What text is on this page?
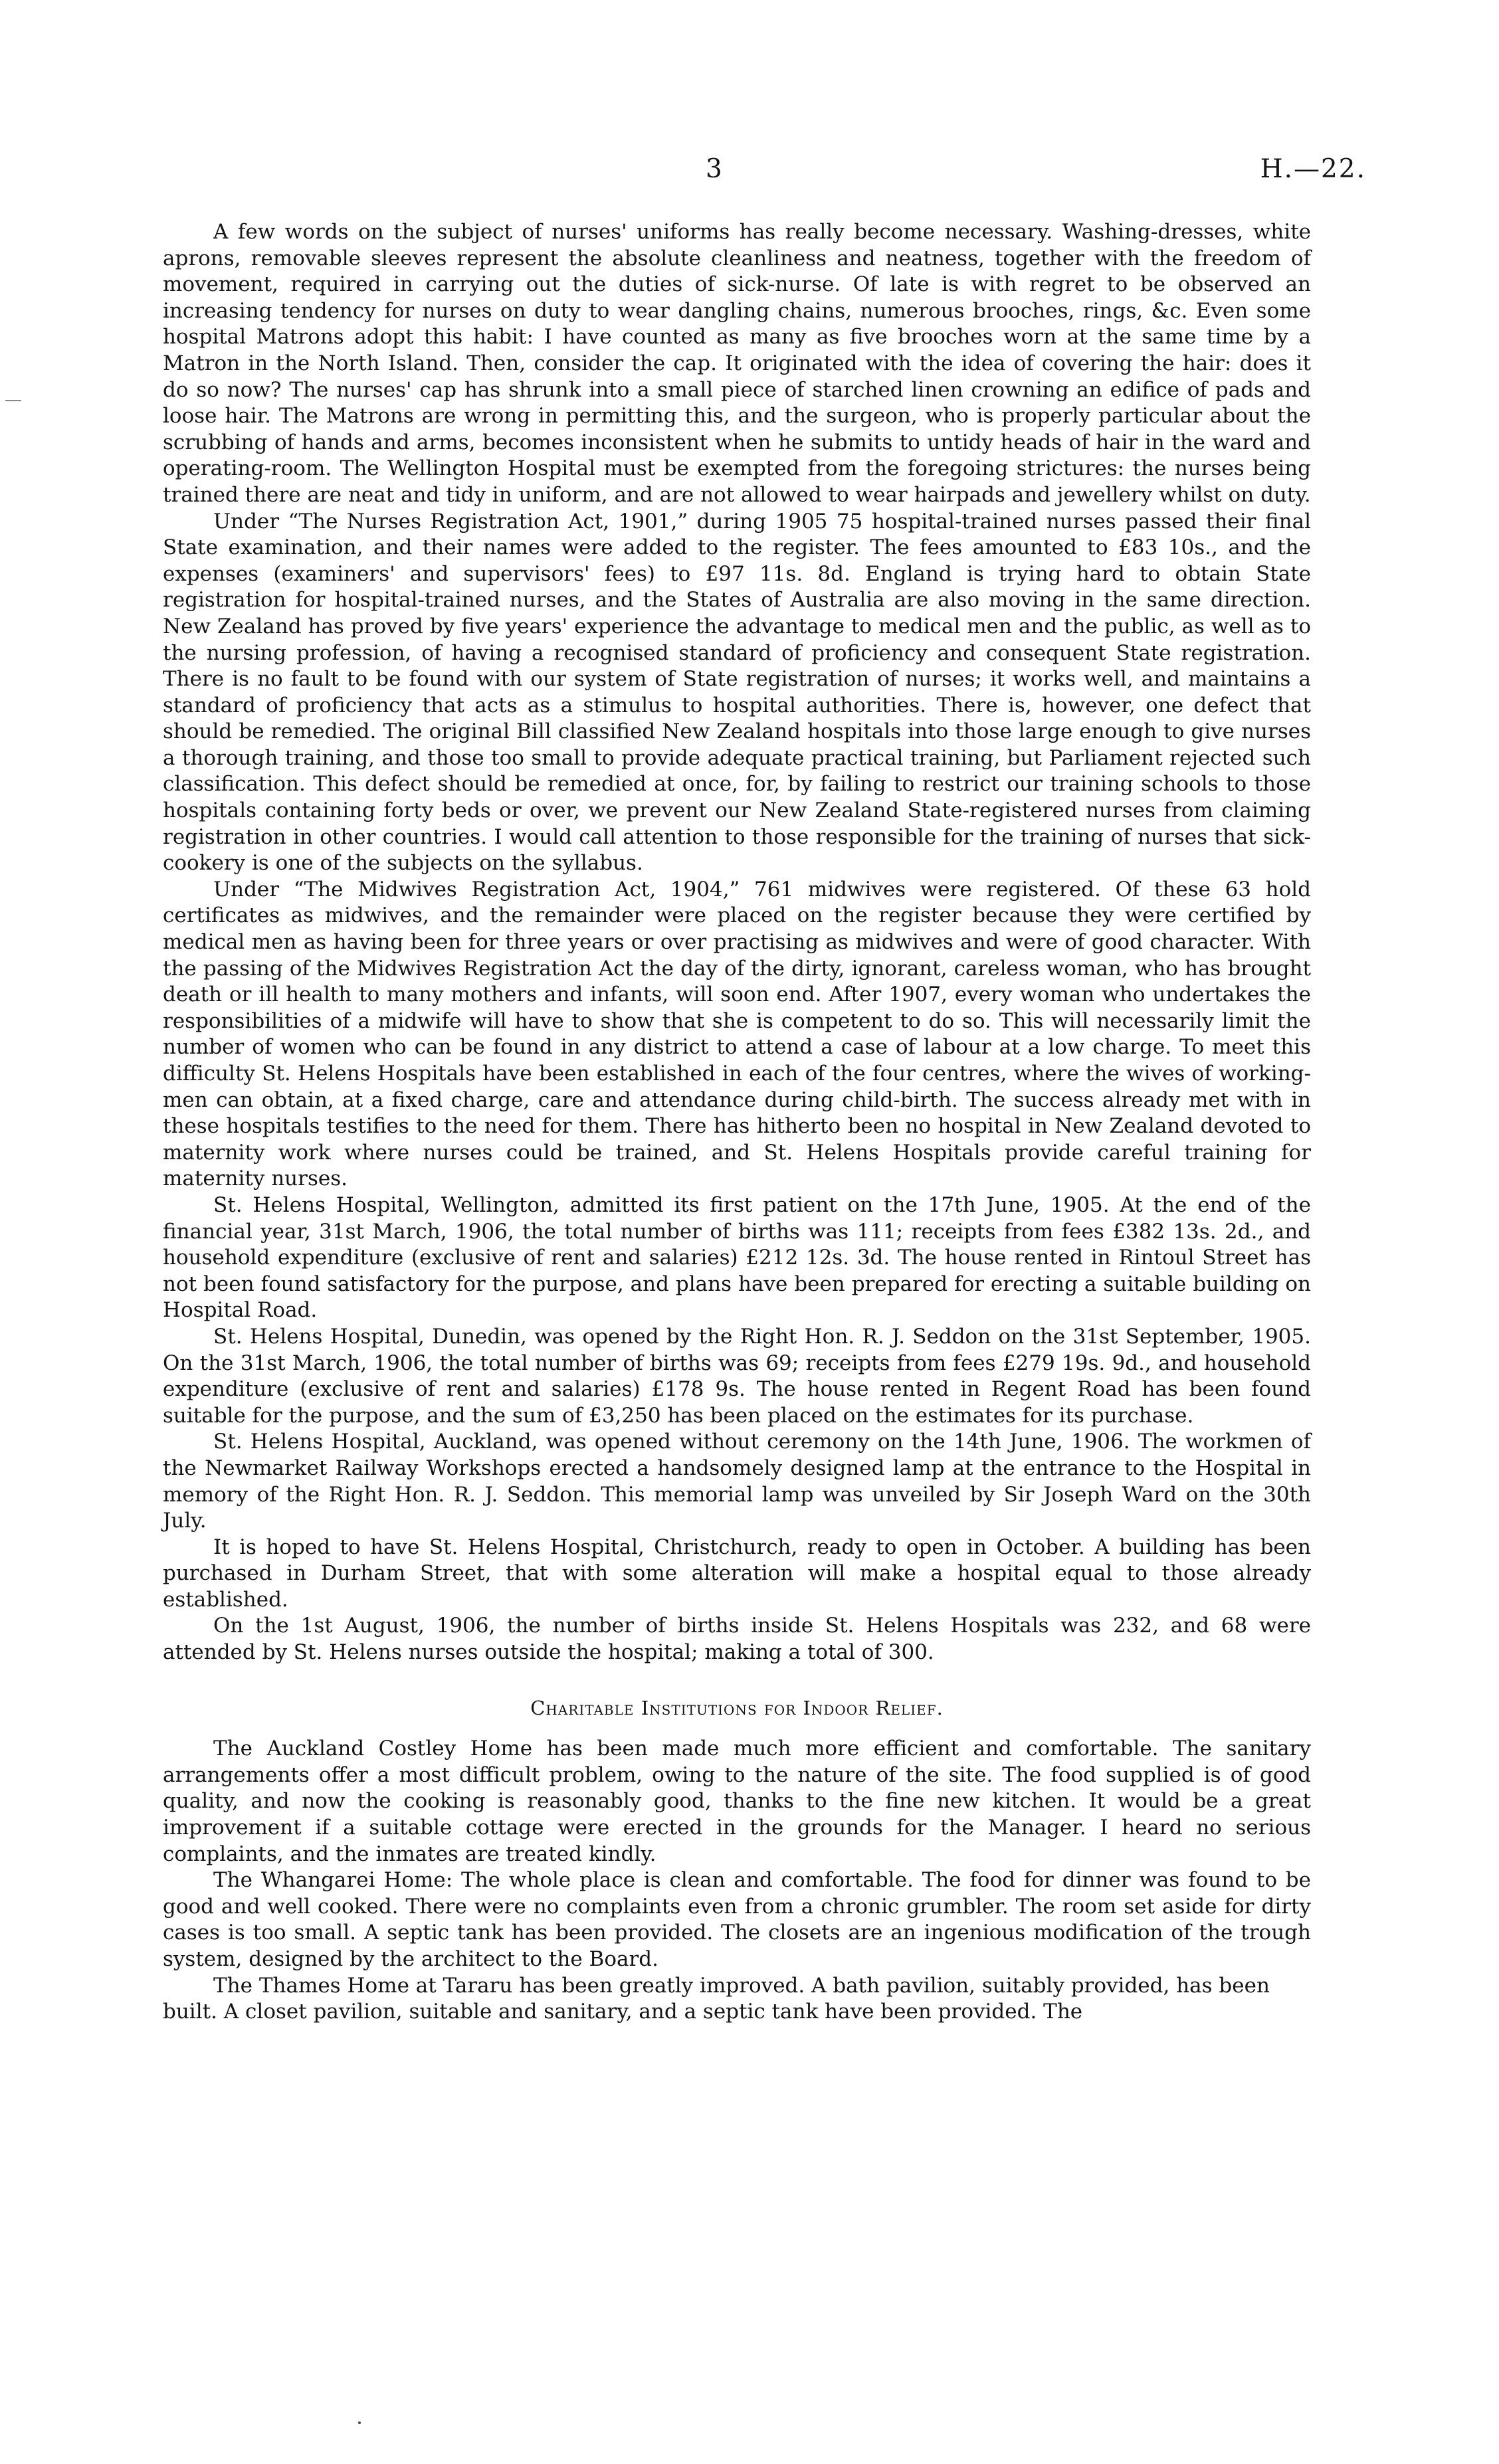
3	H.—22.

A few words on the subject of nurses' uniforms has really become necessary. Washing-dresses, white aprons, removable sleeves represent the absolute cleanliness and neatness, together with the freedom of movement, required in carrying out the duties of sick-nurse. Of late is with regret to be observed an increasing tendency for nurses on duty to wear dangling chains, numerous brooches, rings, &c. Even some hospital Matrons adopt this habit: I have counted as many as five brooches worn at the same time by a Matron in the North Island. Then, consider the cap. It originated with the idea of covering the hair: does it do so now? The nurses' cap has shrunk into a small piece of starched linen crowning an edifice of pads and loose hair. The Matrons are wrong in permitting this, and the surgeon, who is properly particular about the scrubbing of hands and arms, becomes inconsistent when he submits to untidy heads of hair in the ward and operating-room. The Wellington Hospital must be exempted from the foregoing strictures: the nurses being trained there are neat and tidy in uniform, and are not allowed to wear hairpads and jewellery whilst on duty.

Under “The Nurses Registration Act, 1901,” during 1905 75 hospital-trained nurses passed their final State examination, and their names were added to the register. The fees amounted to £83 10s., and the expenses (examiners' and supervisors' fees) to £97 11s. 8d. England is trying hard to obtain State registration for hospital-trained nurses, and the States of Australia are also moving in the same direction. New Zealand has proved by five years' experience the advantage to medical men and the public, as well as to the nursing profession, of having a recognised standard of proficiency and consequent State registration. There is no fault to be found with our system of State registration of nurses; it works well, and maintains a standard of proficiency that acts as a stimulus to hospital authorities. There is, however, one defect that should be remedied. The original Bill classified New Zealand hospitals into those large enough to give nurses a thorough training, and those too small to provide adequate practical training, but Parliament rejected such classification. This defect should be remedied at once, for, by failing to restrict our training schools to those hospitals containing forty beds or over, we prevent our New Zealand State-registered nurses from claiming registration in other countries. I would call attention to those responsible for the training of nurses that sick-cookery is one of the subjects on the syllabus.

Under “The Midwives Registration Act, 1904,” 761 midwives were registered. Of these 63 hold certificates as midwives, and the remainder were placed on the register because they were certified by medical men as having been for three years or over practising as midwives and were of good character. With the passing of the Midwives Registration Act the day of the dirty, ignorant, careless woman, who has brought death or ill health to many mothers and infants, will soon end. After 1907, every woman who undertakes the responsibilities of a midwife will have to show that she is competent to do so. This will necessarily limit the number of women who can be found in any district to attend a case of labour at a low charge. To meet this difficulty St. Helens Hospitals have been established in each of the four centres, where the wives of working-men can obtain, at a fixed charge, care and attendance during child-birth. The success already met with in these hospitals testifies to the need for them. There has hitherto been no hospital in New Zealand devoted to maternity work where nurses could be trained, and St. Helens Hospitals provide careful training for maternity nurses.

St. Helens Hospital, Wellington, admitted its first patient on the 17th June, 1905. At the end of the financial year, 31st March, 1906, the total number of births was 111; receipts from fees £382 13s. 2d., and household expenditure (exclusive of rent and salaries) £212 12s. 3d. The house rented in Rintoul Street has not been found satisfactory for the purpose, and plans have been prepared for erecting a suitable building on Hospital Road.

St. Helens Hospital, Dunedin, was opened by the Right Hon. R. J. Seddon on the 31st September, 1905. On the 31st March, 1906, the total number of births was 69; receipts from fees £279 19s. 9d., and household expenditure (exclusive of rent and salaries) £178 9s. The house rented in Regent Road has been found suitable for the purpose, and the sum of £3,250 has been placed on the estimates for its purchase.

St. Helens Hospital, Auckland, was opened without ceremony on the 14th June, 1906. The workmen of the Newmarket Railway Workshops erected a handsomely designed lamp at the entrance to the Hospital in memory of the Right Hon. R. J. Seddon. This memorial lamp was unveiled by Sir Joseph Ward on the 30th July.

It is hoped to have St. Helens Hospital, Christchurch, ready to open in October. A building has been purchased in Durham Street, that with some alteration will make a hospital equal to those already established.

On the 1st August, 1906, the number of births inside St. Helens Hospitals was 232, and 68 were attended by St. Helens nurses outside the hospital; making a total of 300.

Charitable Institutions for Indoor Relief.

The Auckland Costley Home has been made much more efficient and comfortable. The sanitary arrangements offer a most difficult problem, owing to the nature of the site. The food supplied is of good quality, and now the cooking is reasonably good, thanks to the fine new kitchen. It would be a great improvement if a suitable cottage were erected in the grounds for the Manager. I heard no serious complaints, and the inmates are treated kindly.

The Whangarei Home: The whole place is clean and comfortable. The food for dinner was found to be good and well cooked. There were no complaints even from a chronic grumbler. The room set aside for dirty cases is too small. A septic tank has been provided. The closets are an ingenious modification of the trough system, designed by the architect to the Board.

The Thames Home at Tararu has been greatly improved. A bath pavilion, suitably provided, has been built. A closet pavilion, suitable and sanitary, and a septic tank have been provided. The
